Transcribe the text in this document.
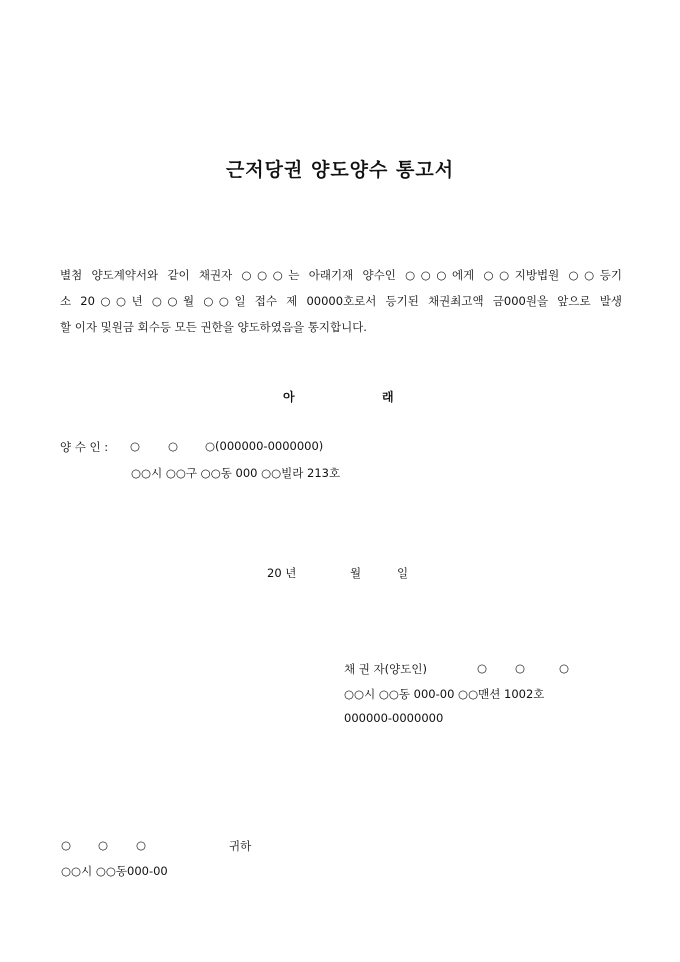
근저당권 양도양수 통고서
별첨 양도계약서와 같이 채권자 ○○○는 아래기재 양수인 ○○○에게 ○○지방법원 ○○등기
소 20○○년 ○○월 ○○일 접수 제 00000호로서 등기된 채권최고액 금000원을 앞으로 발생
할 이자 및원금 회수등 모든 권한을 양도하였음을 통지합니다.
아	래
양 수 인 : ○ ○ ○(000000-0000000)
○○시 ○○구 ○○동 000 ○○빌라 213호
20 년	월	일
채 권 자(양도인)	○ ○	○
○○시 ○○동 000-00 ○○맨션 1002호
000000-0000000
○ ○ ○	귀하
○○시 ○○동000-00
